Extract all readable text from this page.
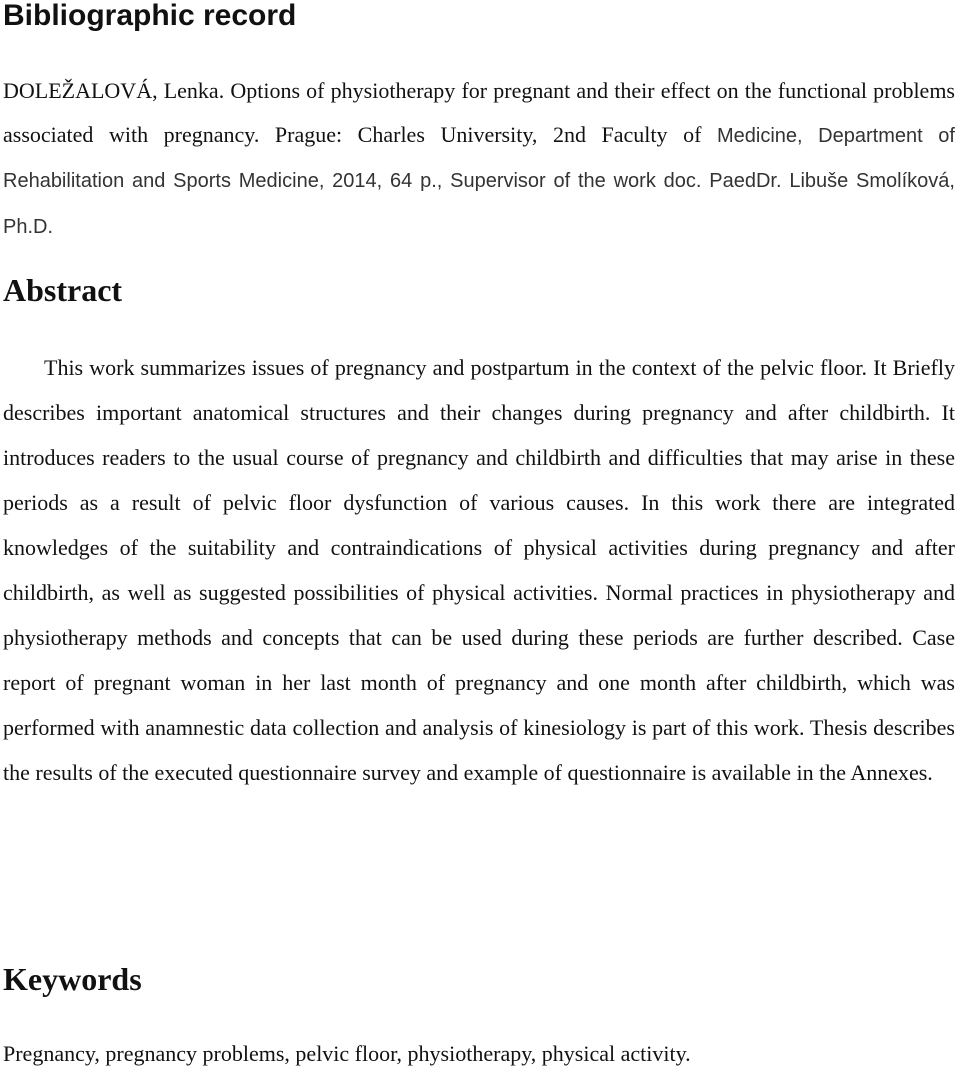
Bibliographic record

DOLEŽALOVÁ, Lenka. Options of physiotherapy for pregnant and their effect on the functional problems associated with pregnancy. Prague: Charles University, 2nd Faculty of Medicine, Department of Rehabilitation and Sports Medicine, 2014, 64 p., Supervisor of the work doc. PaedDr. Libuše Smolíková, Ph.D.

Abstract

This work summarizes issues of pregnancy and postpartum in the context of the pelvic floor. It Briefly describes important anatomical structures and their changes during pregnancy and after childbirth. It introduces readers to the usual course of pregnancy and childbirth and difficulties that may arise in these periods as a result of pelvic floor dysfunction of various causes. In this work there are integrated knowledges of the suitability and contraindications of physical activities during pregnancy and after childbirth, as well as suggested possibilities of physical activities. Normal practices in physiotherapy and physiotherapy methods and concepts that can be used during these periods are further described. Case report of pregnant woman in her last month of pregnancy and one month after childbirth, which was performed with anamnestic data collection and analysis of kinesiology is part of this work. Thesis describes the results of the executed questionnaire survey and example of questionnaire is available in the Annexes.

Keywords

Pregnancy, pregnancy problems, pelvic floor, physiotherapy, physical activity.
